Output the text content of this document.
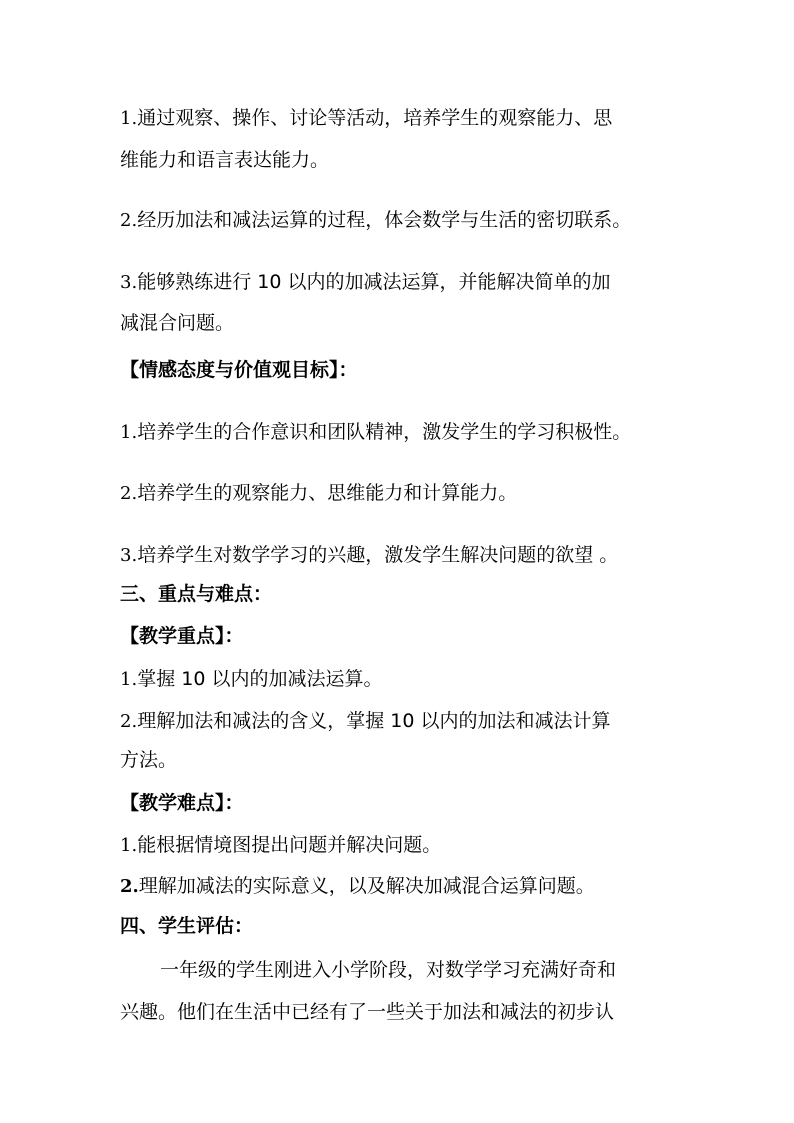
1.通过观察、操作、讨论等活动，培养学生的观察能力、思
维能力和语言表达能力。
2.经历加法和减法运算的过程，体会数学与生活的密切联系。
3.能够熟练进行 10 以内的加减法运算，并能解决简单的加
减混合问题。
【情感态度与价值观目标】：
1.培养学生的合作意识和团队精神，激发学生的学习积极性。
2.培养学生的观察能力、思维能力和计算能力。
3.培养学生对数学学习的兴趣，激发学生解决问题的欲望 。
三、重点与难点：
【教学重点】：
1.掌握 10 以内的加减法运算。
2.理解加法和减法的含义，掌握 10 以内的加法和减法计算
方法。
【教学难点】：
1.能根据情境图提出问题并解决问题。
2.理解加减法的实际意义，以及解决加减混合运算问题。
四、学生评估：
一年级的学生刚进入小学阶段，对数学学习充满好奇和
兴趣。他们在生活中已经有了一些关于加法和减法的初步认
